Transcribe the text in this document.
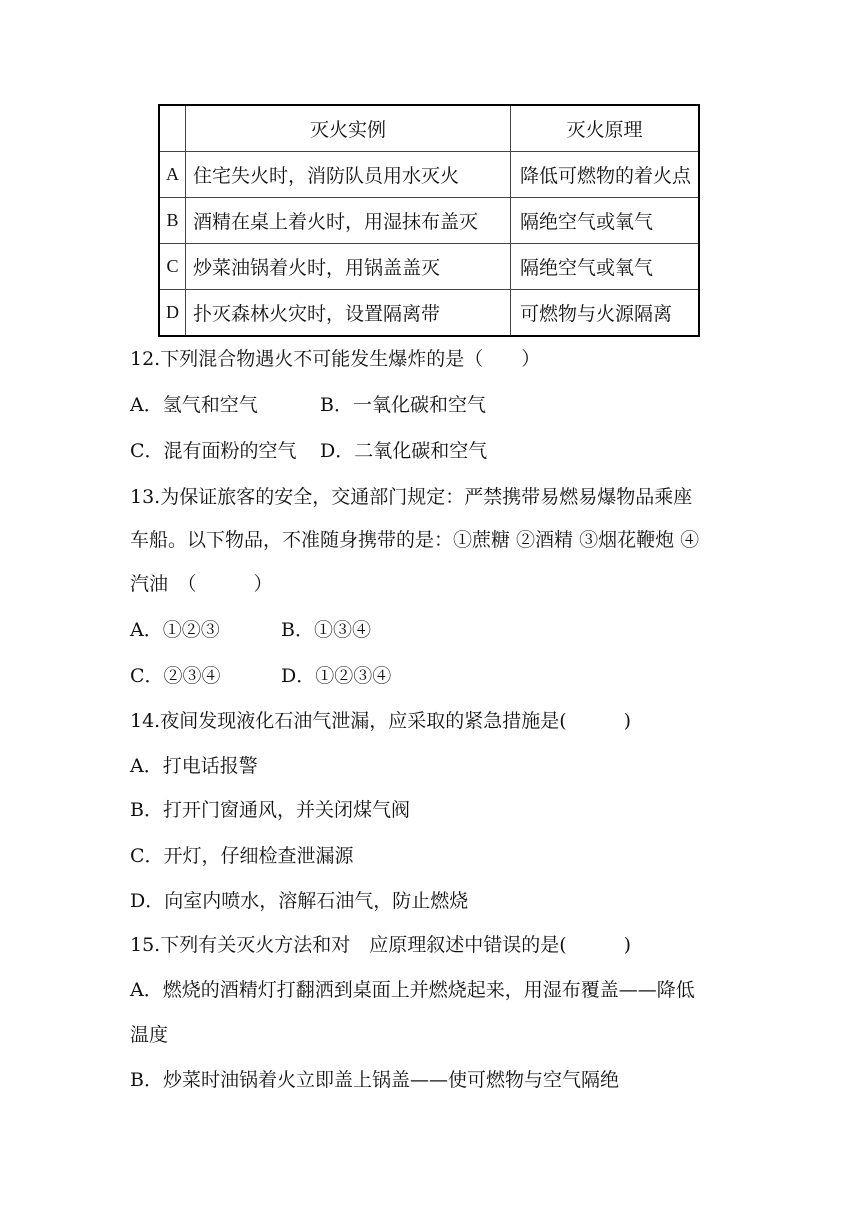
	灭火实例	灭火原理
A	住宅失火时，消防队员用水灭火	降低可燃物的着火点
B	酒精在桌上着火时，用湿抹布盖灭	隔绝空气或氧气
C	炒菜油锅着火时，用锅盖盖灭	隔绝空气或氧气
D	扑灭森林火灾时，设置隔离带	可燃物与火源隔离
12.下列混合物遇火不可能发生爆炸的是（　　）
A．氢气和空气	B．一氧化碳和空气
C．混有面粉的空气 D．二氧化碳和空气
13.为保证旅客的安全，交通部门规定：严禁携带易燃易爆物品乘座
车船。以下物品，不准随身携带的是：①蔗糖 ②酒精 ③烟花鞭炮 ④
汽油　（　　　）
A．①②③	B．①③④
C．②③④	D．①②③④
14.夜间发现液化石油气泄漏，应采取的紧急措施是(　　　)
A．打电话报警
B．打开门窗通风，并关闭煤气阀
C．开灯，仔细检查泄漏源
D．向室内喷水，溶解石油气，防止燃烧
15.下列有关灭火方法和对　应原理叙述中错误的是(　　　)
A．燃烧的酒精灯打翻洒到桌面上并燃烧起来，用湿布覆盖——降低
温度
B．炒菜时油锅着火立即盖上锅盖——使可燃物与空气隔绝
